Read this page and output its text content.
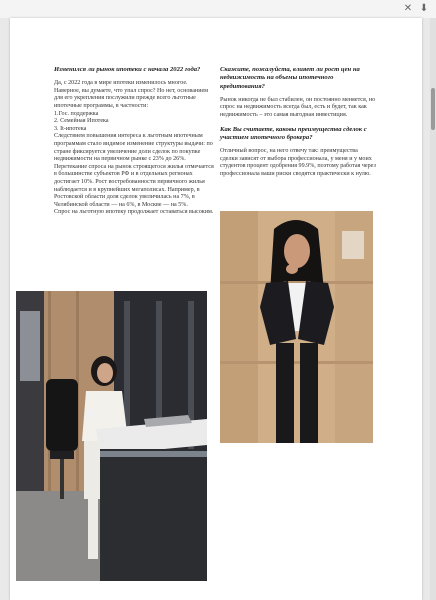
✕ ⬇
Изменился ли рынок ипотеки с начала 2022 года?
Да, с 2022 года в мире ипотеки изменилось многое.
Наверное, вы думаете, что упал спрос? Но нет, основанием для его укрепления послужили прежде всего льготные ипотечные программы, в частности:
1.Гос. поддержка
2. Семейная Ипотека
3. It-ипотека
Следствием повышения интереса к льготным ипотечным программам стало видимое изменение структуры выдачи: по стране фиксируется увеличение доли сделок по покупке недвижимости на первичном рынке с 23% до 26%. Перетекание спроса на рынок строящегося жилья отмечается в большинстве субъектов РФ и в отдельных регионах достигает 10%. Рост востребованности первичного жилья наблюдается и в крупнейших мегаполисах. Например, в Ростовской области доля сделок увеличилась на 7%, в Челябинской области — на 6%, в Москве — на 5%.
Спрос на льготную ипотеку продолжает оставаться высоким.
Скажите, пожалуйста, влияет ли рост цен на недвижимость на объемы ипотечного кредитования?
Рынок никогда не был стабилен, он постоянно меняется, но спрос на недвижимость всегда был, есть и будет, так как недвижимость – это самая выгодная инвестиция.
Как Вы считаете, каковы преимущества сделок с участием ипотечного брокера?
Отличный вопрос, на него отвечу так: преимущества сделки зависят от выбора профессионала, у меня и у моих студентов процент одобрения 99.9%, поэтому работая через профессионала ваши риски сводятся практически к нулю.
